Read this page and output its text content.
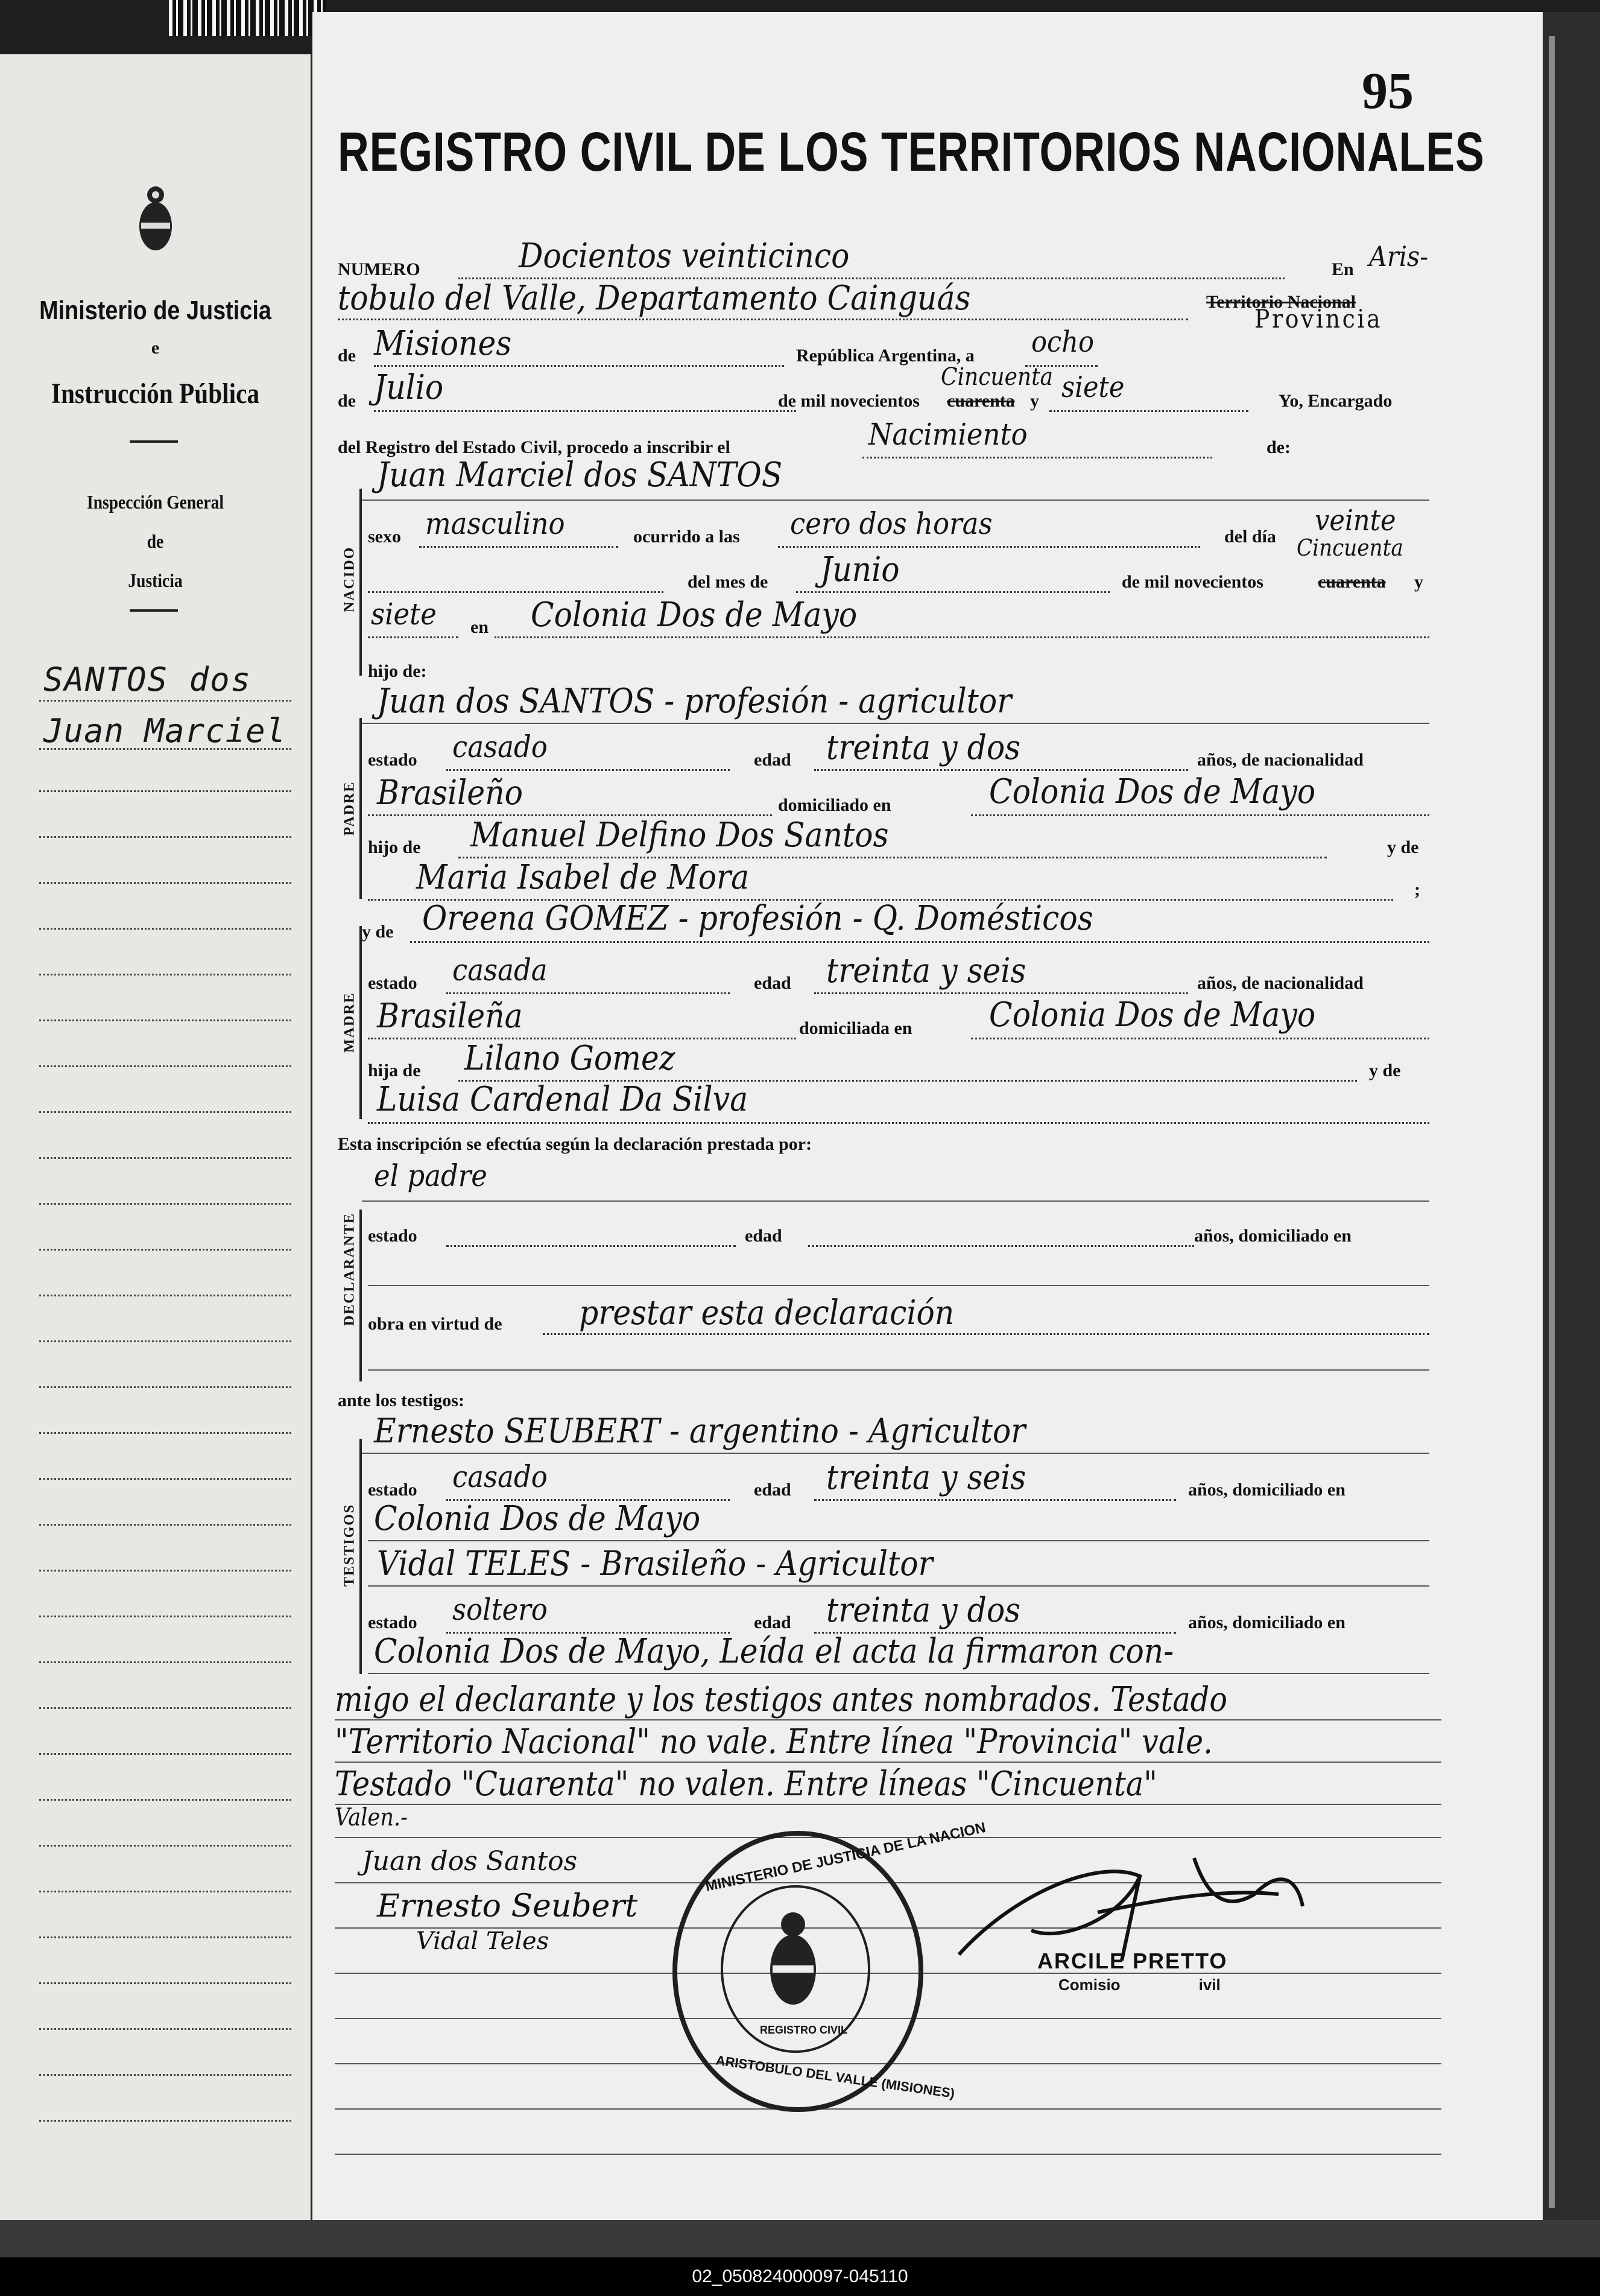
Ministerio de Justicia
e
Instrucción Pública
Inspección General
de
Justicia
SANTOS dos
Juan Marciel
95
REGISTRO CIVIL DE LOS TERRITORIOS NACIONALES
NUMERO	Docientos veinticinco	En Aris-
tobulo del Valle, Departamento Cainguás	Territorio Nacional
Provincia
de Misiones	República Argentina, a ocho
de Julio	de mil novecientos cuarenta
Cincuenta
y siete	Yo, Encargado
del Registro del Estado Civil, procedo a inscribir el	Nacimiento	de:
NACIDO
Juan Marciel dos SANTOS
sexo masculino	ocurrido a las cero dos horas	del día veinte
Cincuenta
del mes de Junio	de mil novecientos	cuarenta y
siete en Colonia Dos de Mayo
hijo de:
PADRE
Juan dos SANTOS - profesión - agricultor
estado casado	edad treinta y dos	años, de nacionalidad
Brasileño	domiciliado en	Colonia Dos de Mayo
hijo de Manuel Delfino Dos Santos	y de
Maria Isabel de Mora	;
MADRE
y de Oreena GOMEZ - profesión - Q. Domésticos
estado casada	edad treinta y seis	años, de nacionalidad
Brasileña	domiciliada en Colonia Dos de Mayo
hija de Lilano Gomez	y de
Luisa Cardenal Da Silva
Esta inscripción se efectúa según la declaración prestada por:
el padre
DECLARANTE estado	edad	años, domiciliado en
obra en virtud de prestar esta declaración
ante los testigos:
TESTIGOS
Ernesto SEUBERT - argentino - Agricultor
estado casado	edad treinta y seis	años, domiciliado en
Colonia Dos de Mayo
Vidal TELES - Brasileño - Agricultor
estado soltero	edad treinta y dos	años, domiciliado en
Colonia Dos de Mayo, Leída el acta la firmaron con-
migo el declarante y los testigos antes nombrados. Testado
"Territorio Nacional" no vale. Entre línea "Provincia" vale.
Testado "Cuarenta" no valen. Entre líneas "Cincuenta"
Valen.-
Juan dos Santos
Ernesto Seubert
Vidal Teles
ARCILE PRETTO
Comisio                  ivil
MINISTERIO DE JUSTICIA DE LA NACION
ARISTOBULO DEL VALLE (MISIONES)
REGISTRO CIVIL
02_050824000097-045110
